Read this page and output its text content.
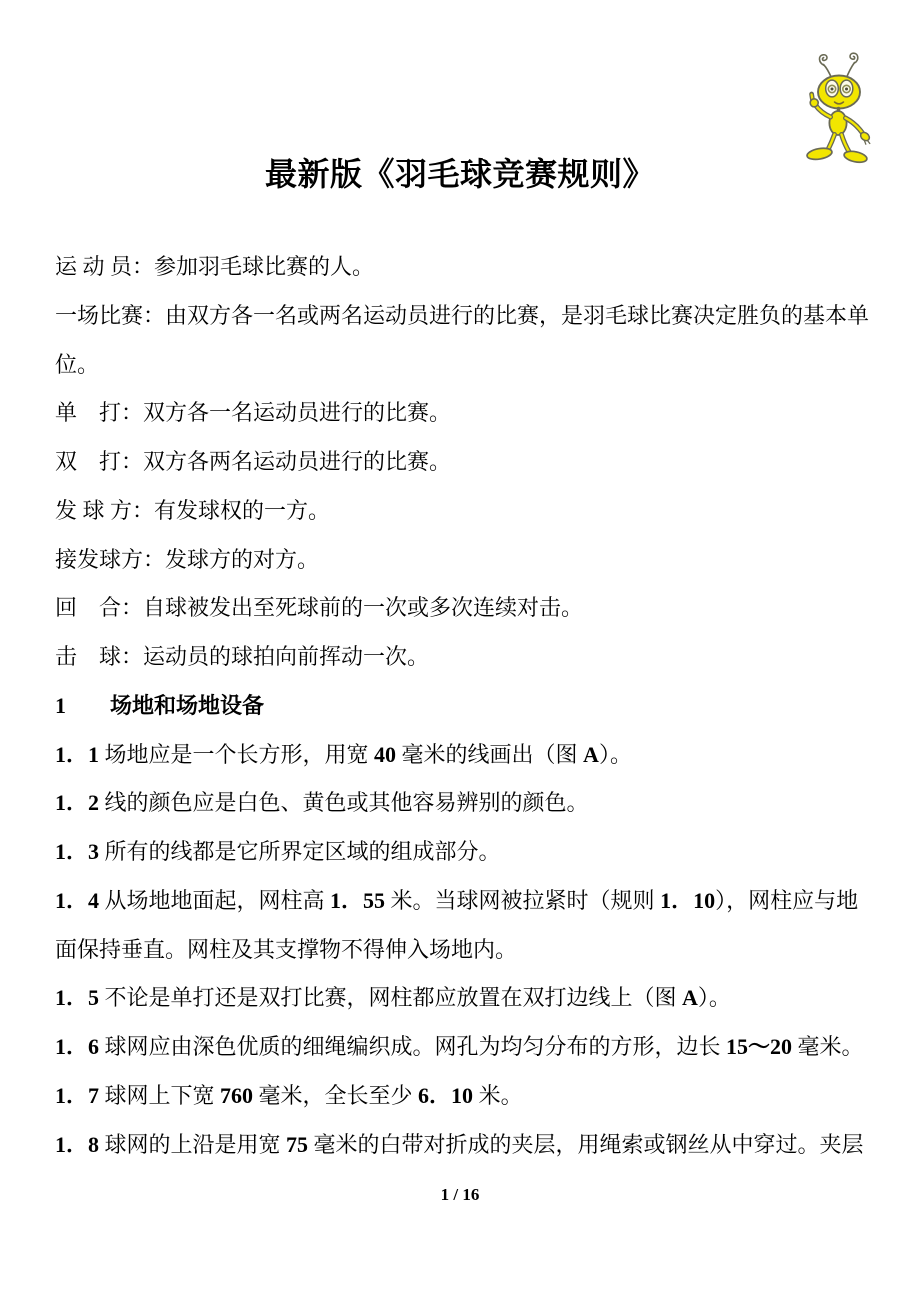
最新版《羽毛球竞赛规则》

运 动 员：参加羽毛球比赛的人。

一场比赛：由双方各一名或两名运动员进行的比赛，是羽毛球比赛决定胜负的基本单位。

单　打：双方各一名运动员进行的比赛。

双　打：双方各两名运动员进行的比赛。

发 球 方：有发球权的一方。

接发球方：发球方的对方。

回　合：自球被发出至死球前的一次或多次连续对击。

击　球：运动员的球拍向前挥动一次。

1　　场地和场地设备

1．1 场地应是一个长方形，用宽 40 毫米的线画出（图 A）。

1．2 线的颜色应是白色、黄色或其他容易辨别的颜色。

1．3 所有的线都是它所界定区域的组成部分。

1．4 从场地地面起，网柱高 1．55 米。当球网被拉紧时（规则 1．10），网柱应与地面保持垂直。网柱及其支撑物不得伸入场地内。

1．5 不论是单打还是双打比赛，网柱都应放置在双打边线上（图 A）。

1．6 球网应由深色优质的细绳编织成。网孔为均匀分布的方形，边长 15～20 毫米。

1．7 球网上下宽 760 毫米，全长至少 6．10 米。

1．8 球网的上沿是用宽 75 毫米的白带对折成的夹层，用绳索或钢丝从中穿过。夹层

1 / 16
